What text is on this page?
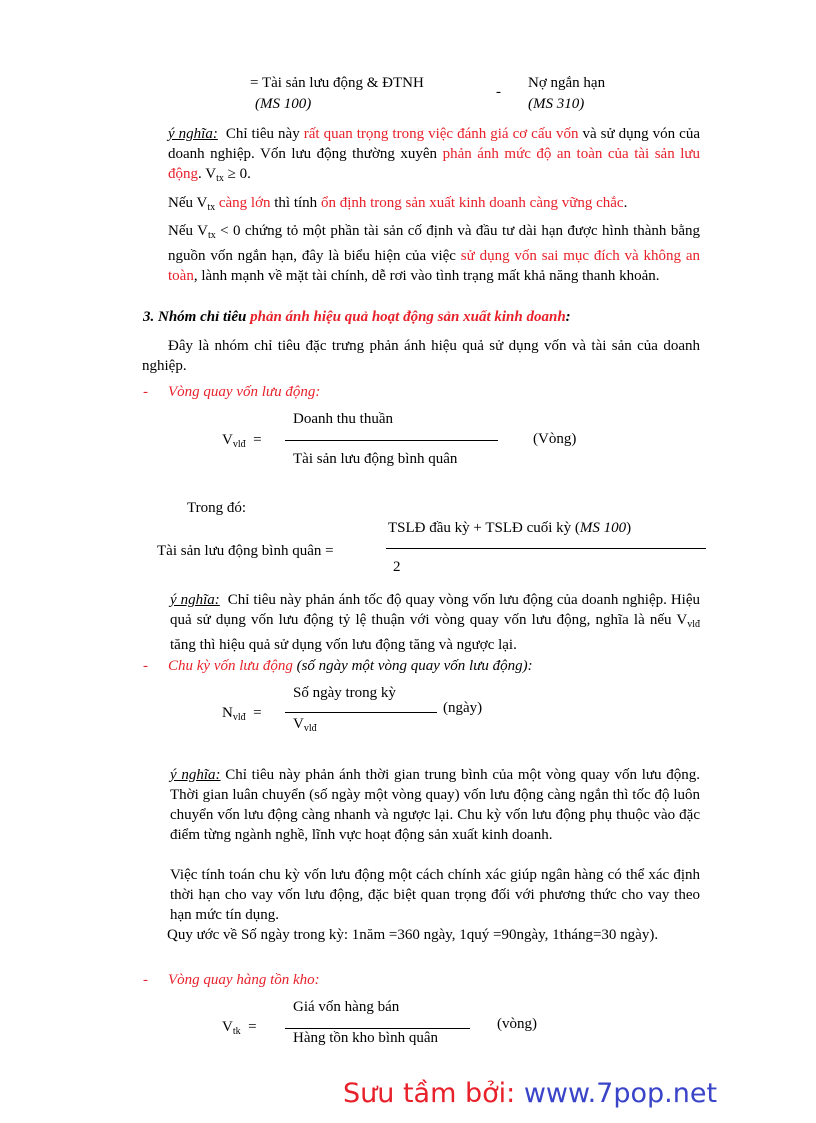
= Tài sản lưu động & ĐTNH
(MS 100)
-
Nợ ngắn hạn
(MS 310)
ý nghĩa: Chỉ tiêu này rất quan trọng trong việc đánh giá cơ cấu vốn và sử dụng vón của doanh nghiệp. Vốn lưu động thường xuyên phản ánh mức độ an toàn của tài sản lưu động. $V_{tx} \ge 0$.
Nếu $V_{tx}$ càng lớn thì tính ổn định trong sản xuất kinh doanh càng vững chắc.
Nếu $V_{tx} < 0$ chứng tỏ một phần tài sản cố định và đầu tư dài hạn được hình thành bằng nguồn vốn ngắn hạn, đây là biểu hiện của việc sử dụng vốn sai mục đích và không an toàn, lành mạnh về mặt tài chính, dễ rơi vào tình trạng mất khả năng thanh khoản.
3. Nhóm chỉ tiêu phản ánh hiệu quả hoạt động sản xuất kinh doanh:
Đây là nhóm chỉ tiêu đặc trưng phản ánh hiệu quả sử dụng vốn và tài sản của doanh nghiệp.
- Vòng quay vốn lưu động:
Doanh thu thuần
$V_{vlđ}$ =
Tài sản lưu động bình quân
(Vòng)
Trong đó:
TSLĐ đầu kỳ + TSLĐ cuối kỳ (MS 100)
Tài sản lưu động bình quân =
2
ý nghĩa: Chỉ tiêu này phản ánh tốc độ quay vòng vốn lưu động của doanh nghiệp. Hiệu quả sử dụng vốn lưu động tỷ lệ thuận với vòng quay vốn lưu động, nghĩa là nếu $V_{vlđ}$ tăng thì hiệu quả sử dụng vốn lưu động tăng và ngược lại.
- Chu kỳ vốn lưu động (số ngày một vòng quay vốn lưu động):
Số ngày trong kỳ
$N_{vlđ}$ =
$V_{vlđ}$
(ngày)
ý nghĩa: Chỉ tiêu này phản ánh thời gian trung bình của một vòng quay vốn lưu động. Thời gian luân chuyển (số ngày một vòng quay) vốn lưu động càng ngắn thì tốc độ luôn chuyển vốn lưu động càng nhanh và ngược lại. Chu kỳ vốn lưu động phụ thuộc vào đặc điểm từng ngành nghề, lĩnh vực hoạt động sản xuất kinh doanh.
Việc tính toán chu kỳ vốn lưu động một cách chính xác giúp ngân hàng có thể xác định thời hạn cho vay vốn lưu động, đặc biệt quan trọng đối với phương thức cho vay theo hạn mức tín dụng.
Quy ước về Số ngày trong kỳ: 1năm =360 ngày, 1quý =90ngày, 1tháng=30 ngày).
- Vòng quay hàng tồn kho:
Giá vốn hàng bán
$V_{tk}$ =
Hàng tồn kho bình quân
(vòng)
Sưu tầm bởi: www.7pop.net
